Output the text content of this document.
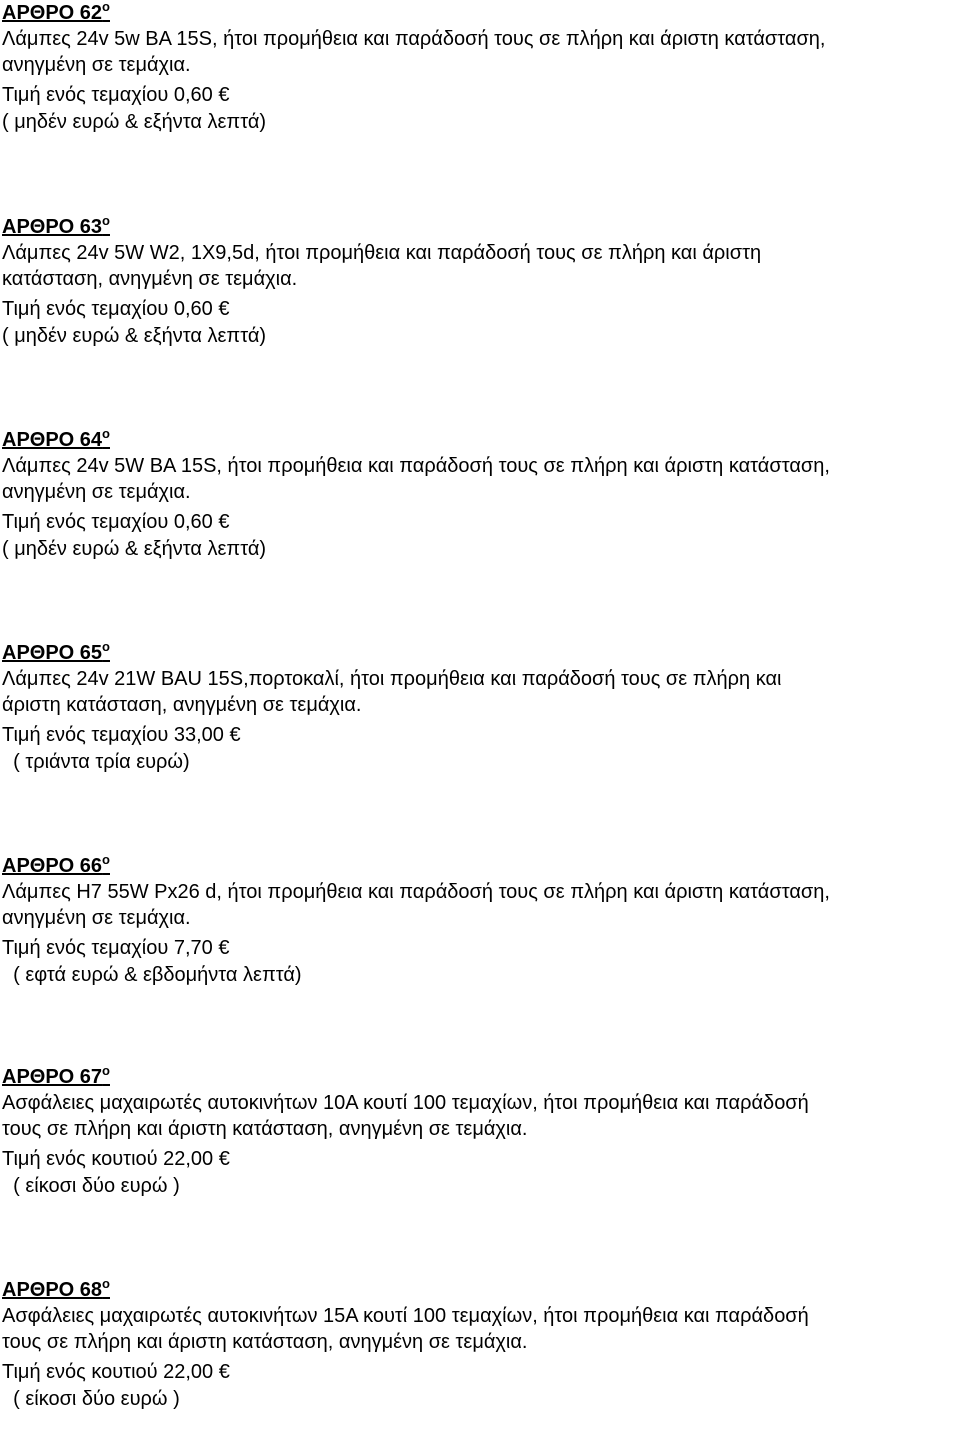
ΑΡΘΡΟ $62^o$
Λάμπες 24v 5w BA 15S, ήτοι προμήθεια και παράδοσή τους σε πλήρη και άριστη κατάσταση,
ανηγμένη σε τεμάχια.
Τιμή ενός τεμαχίου 0,60 €
( μηδέν ευρώ & εξήντα λεπτά)
ΑΡΘΡΟ $63^o$
Λάμπες 24v 5W W2, 1X9,5d, ήτοι προμήθεια και παράδοσή τους σε πλήρη και άριστη
κατάσταση, ανηγμένη σε τεμάχια.
Τιμή ενός τεμαχίου 0,60 €
( μηδέν ευρώ & εξήντα λεπτά)
ΑΡΘΡΟ $64^o$
Λάμπες 24v 5W BA 15S, ήτοι προμήθεια και παράδοσή τους σε πλήρη και άριστη κατάσταση,
ανηγμένη σε τεμάχια.
Τιμή ενός τεμαχίου 0,60 €
( μηδέν ευρώ & εξήντα λεπτά)
ΑΡΘΡΟ $65^o$
Λάμπες 24v 21W BAU 15S,πορτοκαλί, ήτοι προμήθεια και παράδοσή τους σε πλήρη και
άριστη κατάσταση, ανηγμένη σε τεμάχια.
Τιμή ενός τεμαχίου 33,00 €
( τριάντα τρία ευρώ)
ΑΡΘΡΟ $66^o$
Λάμπες H7 55W Px26 d, ήτοι προμήθεια και παράδοσή τους σε πλήρη και άριστη κατάσταση,
ανηγμένη σε τεμάχια.
Τιμή ενός τεμαχίου 7,70 €
( εφτά ευρώ & εβδομήντα λεπτά)
ΑΡΘΡΟ $67^o$
Ασφάλειες μαχαιρωτές αυτοκινήτων 10Α κουτί 100 τεμαχίων, ήτοι προμήθεια και παράδοσή
τους σε πλήρη και άριστη κατάσταση, ανηγμένη σε τεμάχια.
Τιμή ενός κουτιού 22,00 €
( είκοσι δύο ευρώ )
ΑΡΘΡΟ $68^o$
Ασφάλειες μαχαιρωτές αυτοκινήτων 15Α κουτί 100 τεμαχίων, ήτοι προμήθεια και παράδοσή
τους σε πλήρη και άριστη κατάσταση, ανηγμένη σε τεμάχια.
Τιμή ενός κουτιού 22,00 €
( είκοσι δύο ευρώ )
